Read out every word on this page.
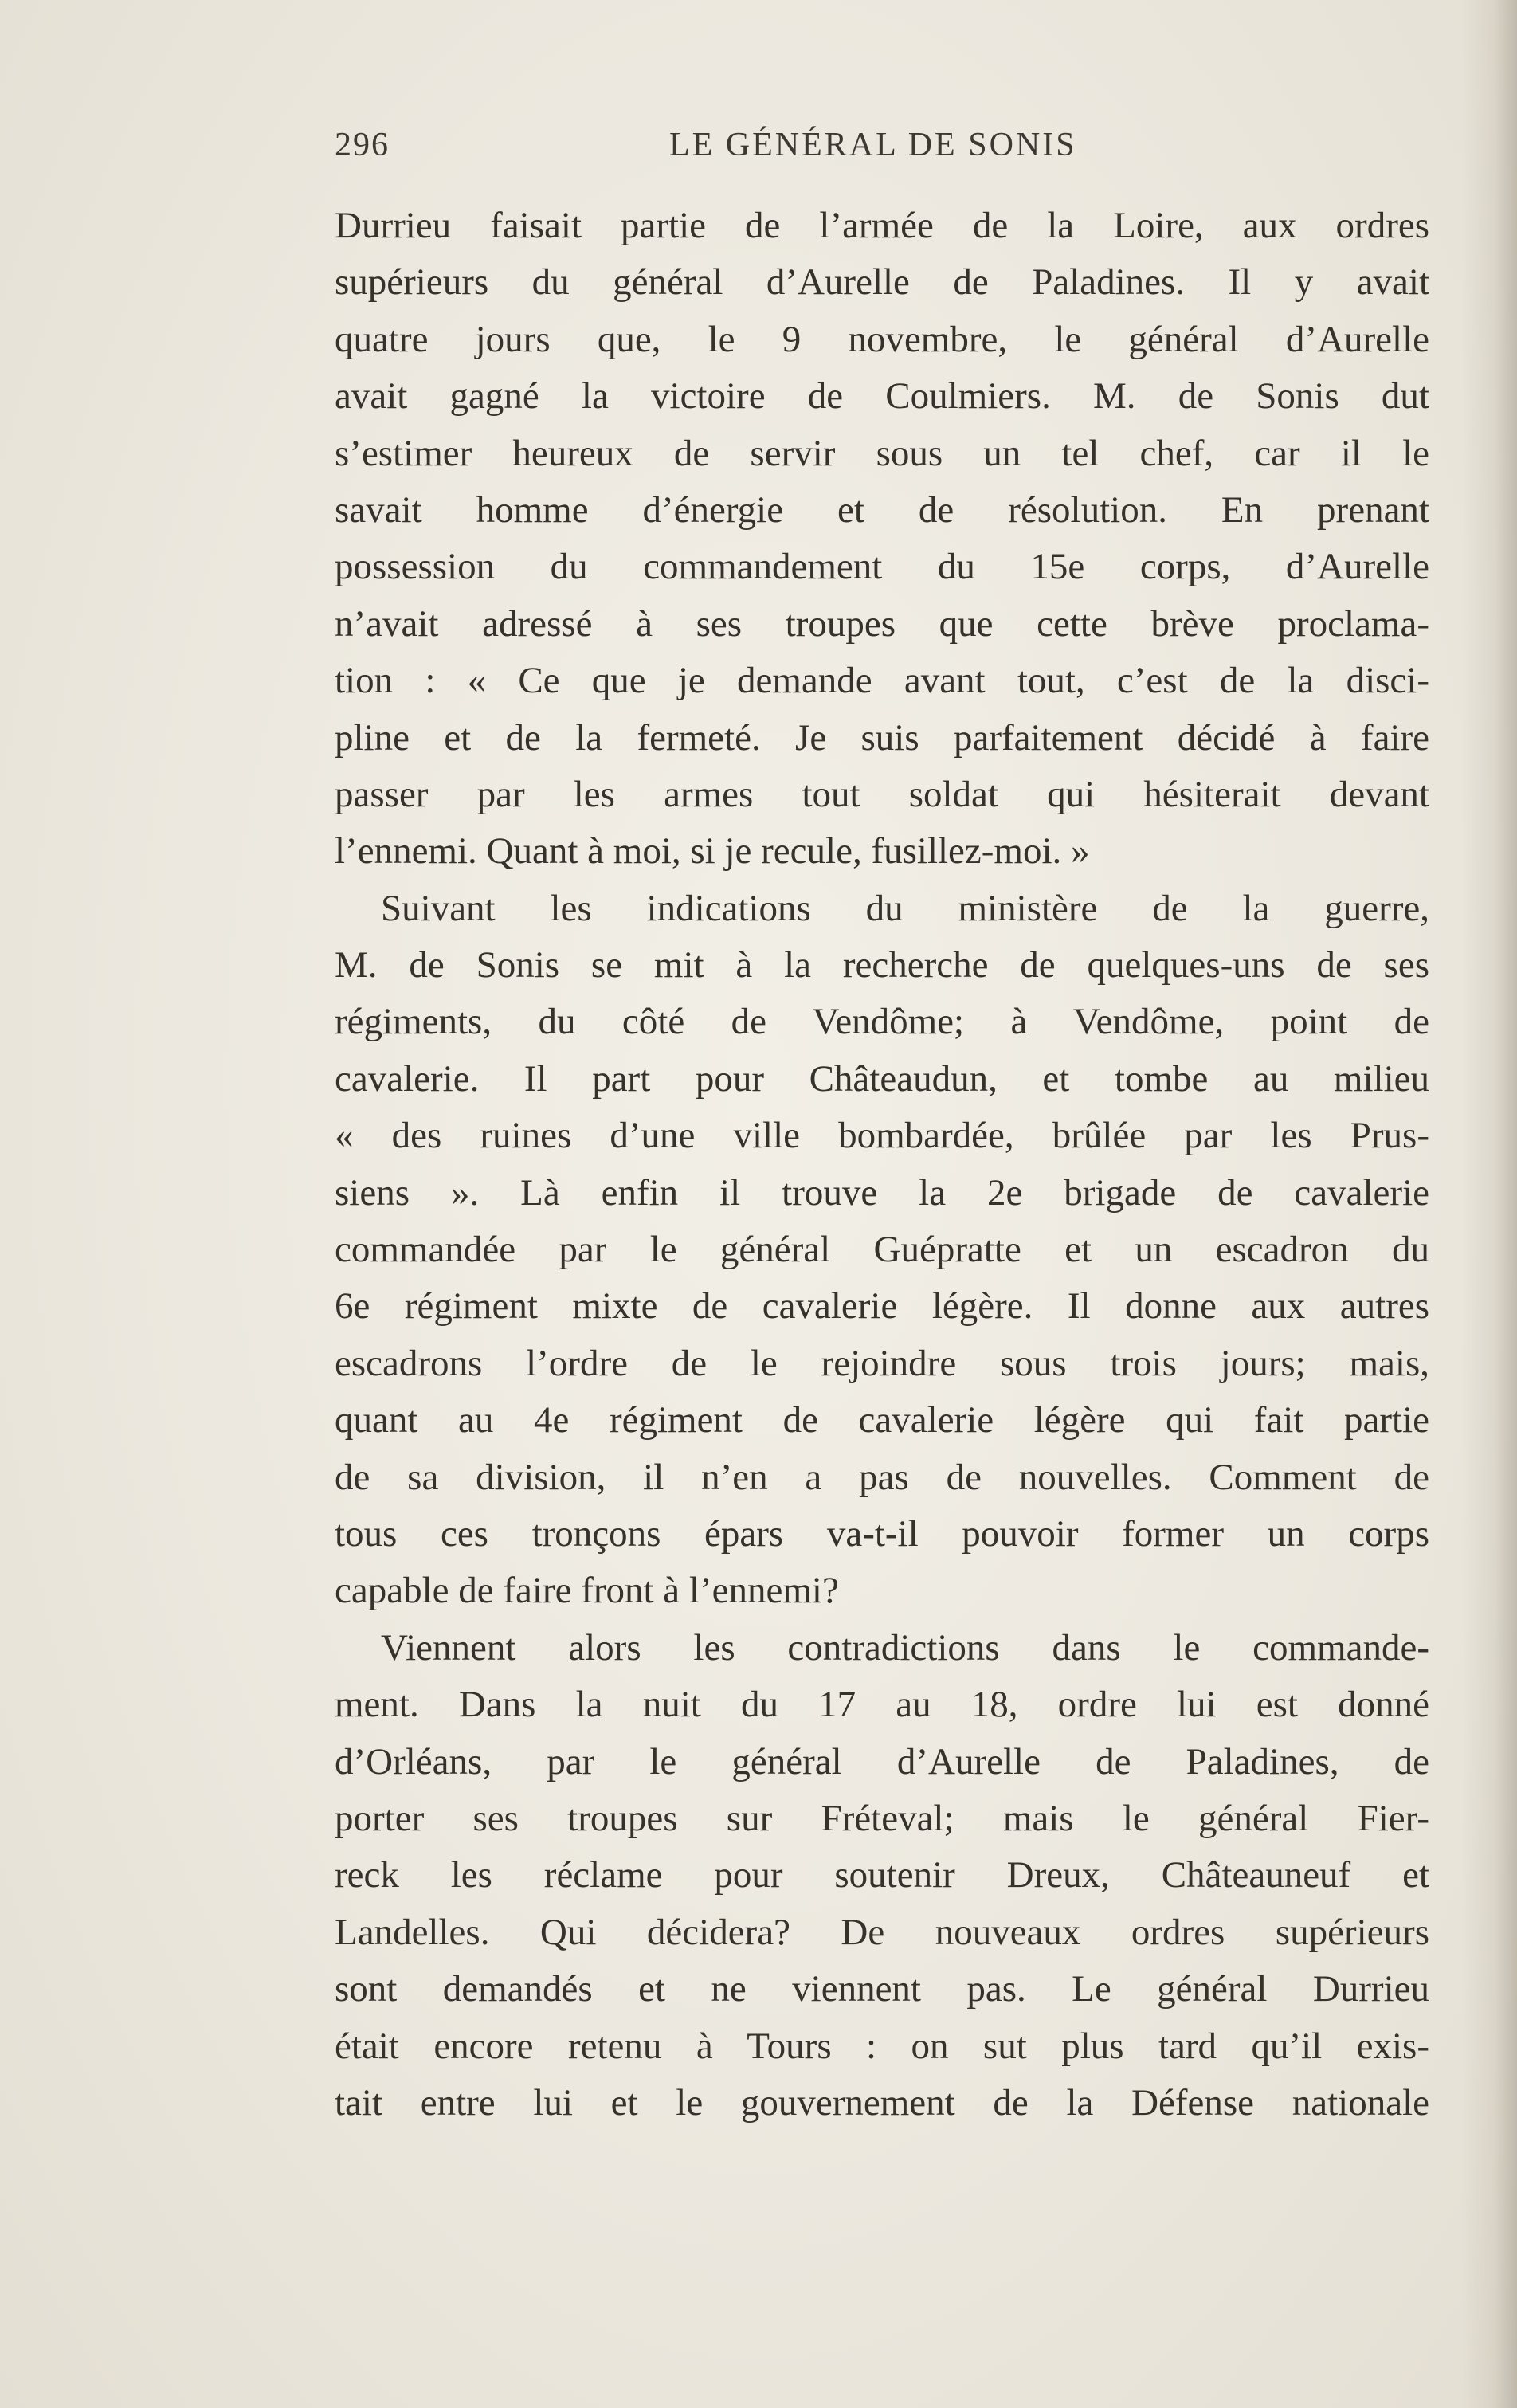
296	LE GÉNÉRAL DE SONIS
Durrieu faisait partie de l’armée de la Loire, aux ordres
supérieurs du général d’Aurelle de Paladines. Il y avait
quatre jours que, le 9 novembre, le général d’Aurelle
avait gagné la victoire de Coulmiers. M. de Sonis dut
s’estimer heureux de servir sous un tel chef, car il le
savait homme d’énergie et de résolution. En prenant
possession du commandement du 15e corps, d’Aurelle
n’avait adressé à ses troupes que cette brève proclama-
tion : « Ce que je demande avant tout, c’est de la disci-
pline et de la fermeté. Je suis parfaitement décidé à faire
passer par les armes tout soldat qui hésiterait devant
l’ennemi. Quant à moi, si je recule, fusillez-moi. »
Suivant les indications du ministère de la guerre,
M. de Sonis se mit à la recherche de quelques-uns de ses
régiments, du côté de Vendôme; à Vendôme, point de
cavalerie. Il part pour Châteaudun, et tombe au milieu
« des ruines d’une ville bombardée, brûlée par les Prus-
siens ». Là enfin il trouve la 2e brigade de cavalerie
commandée par le général Guépratte et un escadron du
6e régiment mixte de cavalerie légère. Il donne aux autres
escadrons l’ordre de le rejoindre sous trois jours; mais,
quant au 4e régiment de cavalerie légère qui fait partie
de sa division, il n’en a pas de nouvelles. Comment de
tous ces tronçons épars va-t-il pouvoir former un corps
capable de faire front à l’ennemi?
Viennent alors les contradictions dans le commande-
ment. Dans la nuit du 17 au 18, ordre lui est donné
d’Orléans, par le général d’Aurelle de Paladines, de
porter ses troupes sur Fréteval; mais le général Fier-
reck les réclame pour soutenir Dreux, Châteauneuf et
Landelles. Qui décidera? De nouveaux ordres supérieurs
sont demandés et ne viennent pas. Le général Durrieu
était encore retenu à Tours : on sut plus tard qu’il exis-
tait entre lui et le gouvernement de la Défense nationale
